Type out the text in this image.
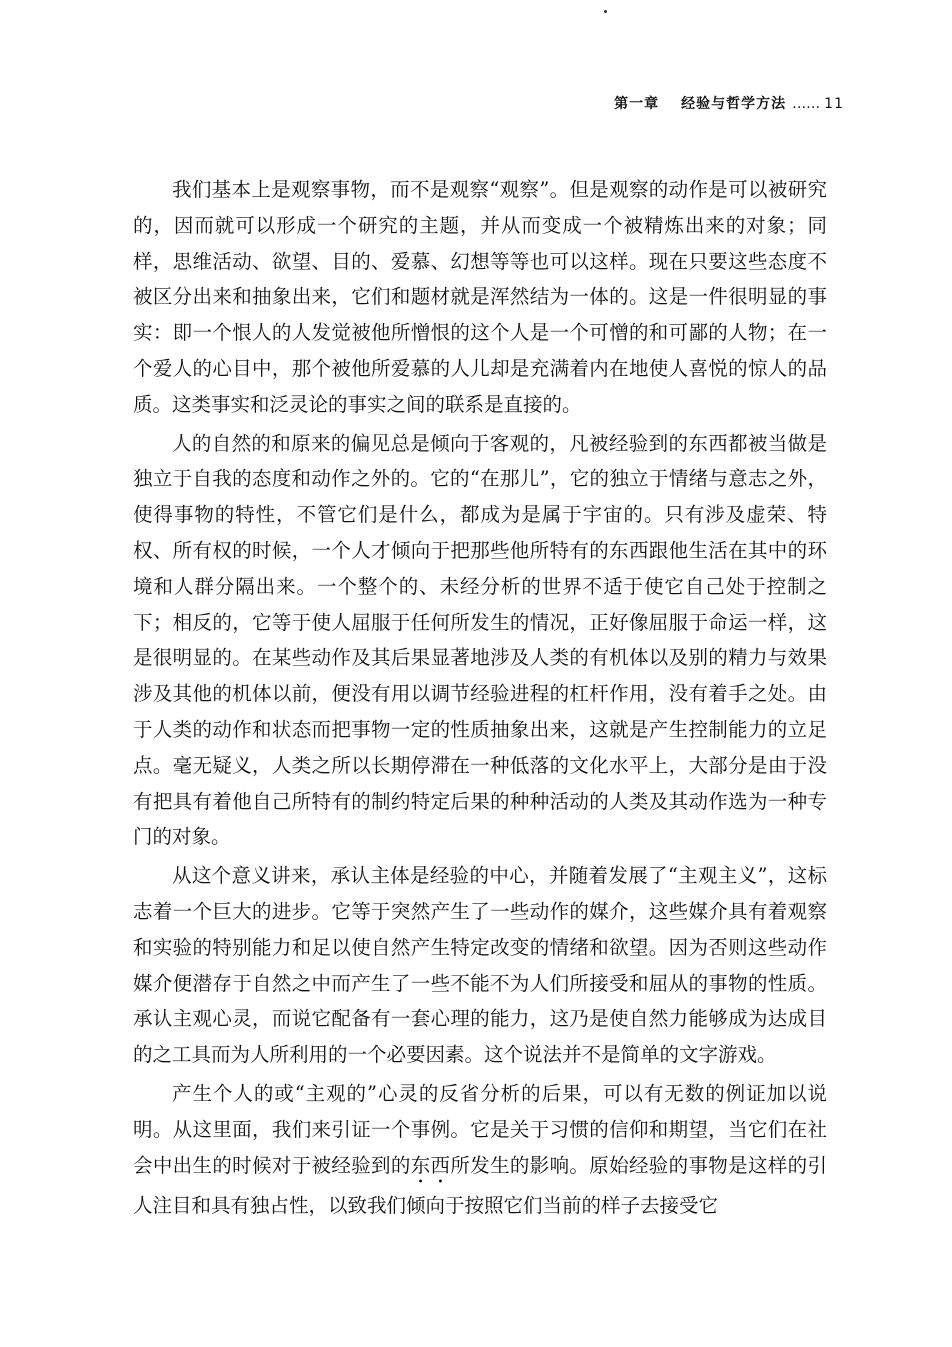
第一章 经验与哲学方法 …… 11

我们基本上是观察事物，而不是观察“观察”。但是观察的动作是可以被研究的，因而就可以形成一个研究的主题，并从而变成一个被精炼出来的对象；同样，思维活动、欲望、目的、爱慕、幻想等等也可以这样。现在只要这些态度不被区分出来和抽象出来，它们和题材就是浑然结为一体的。这是一件很明显的事实：即一个恨人的人发觉被他所憎恨的这个人是一个可憎的和可鄙的人物；在一个爱人的心目中，那个被他所爱慕的人儿却是充满着内在地使人喜悦的惊人的品质。这类事实和泛灵论的事实之间的联系是直接的。

人的自然的和原来的偏见总是倾向于客观的，凡被经验到的东西都被当做是独立于自我的态度和动作之外的。它的“在那儿”，它的独立于情绪与意志之外，使得事物的特性，不管它们是什么，都成为是属于宇宙的。只有涉及虚荣、特权、所有权的时候，一个人才倾向于把那些他所特有的东西跟他生活在其中的环境和人群分隔出来。一个整个的、未经分析的世界不适于使它自己处于控制之下；相反的，它等于使人屈服于任何所发生的情况，正好像屈服于命运一样，这是很明显的。在某些动作及其后果显著地涉及人类的有机体以及别的精力与效果涉及其他的机体以前，便没有用以调节经验进程的杠杆作用，没有着手之处。由于人类的动作和状态而把事物一定的性质抽象出来，这就是产生控制能力的立足点。毫无疑义，人类之所以长期停滞在一种低落的文化水平上，大部分是由于没有把具有着他自己所特有的制约特定后果的种种活动的人类及其动作选为一种专门的对象。

从这个意义讲来，承认主体是经验的中心，并随着发展了“主观主义”，这标志着一个巨大的进步。它等于突然产生了一些动作的媒介，这些媒介具有着观察和实验的特别能力和足以使自然产生特定改变的情绪和欲望。因为否则这些动作媒介便潜存于自然之中而产生了一些不能不为人们所接受和屈从的事物的性质。承认主观心灵，而说它配备有一套心理的能力，这乃是使自然力能够成为达成目的之工具而为人所利用的一个必要因素。这个说法并不是简单的文字游戏。

产生个人的或“主观的”心灵的反省分析的后果，可以有无数的例证加以说明。从这里面，我们来引证一个事例。它是关于习惯的信仰和期望，当它们在社会中出生的时候对于被经验到的东西所发生的影响。原始经验的事物是这样的引人注目和具有独占性，以致我们倾向于按照它们当前的样子去接受它
